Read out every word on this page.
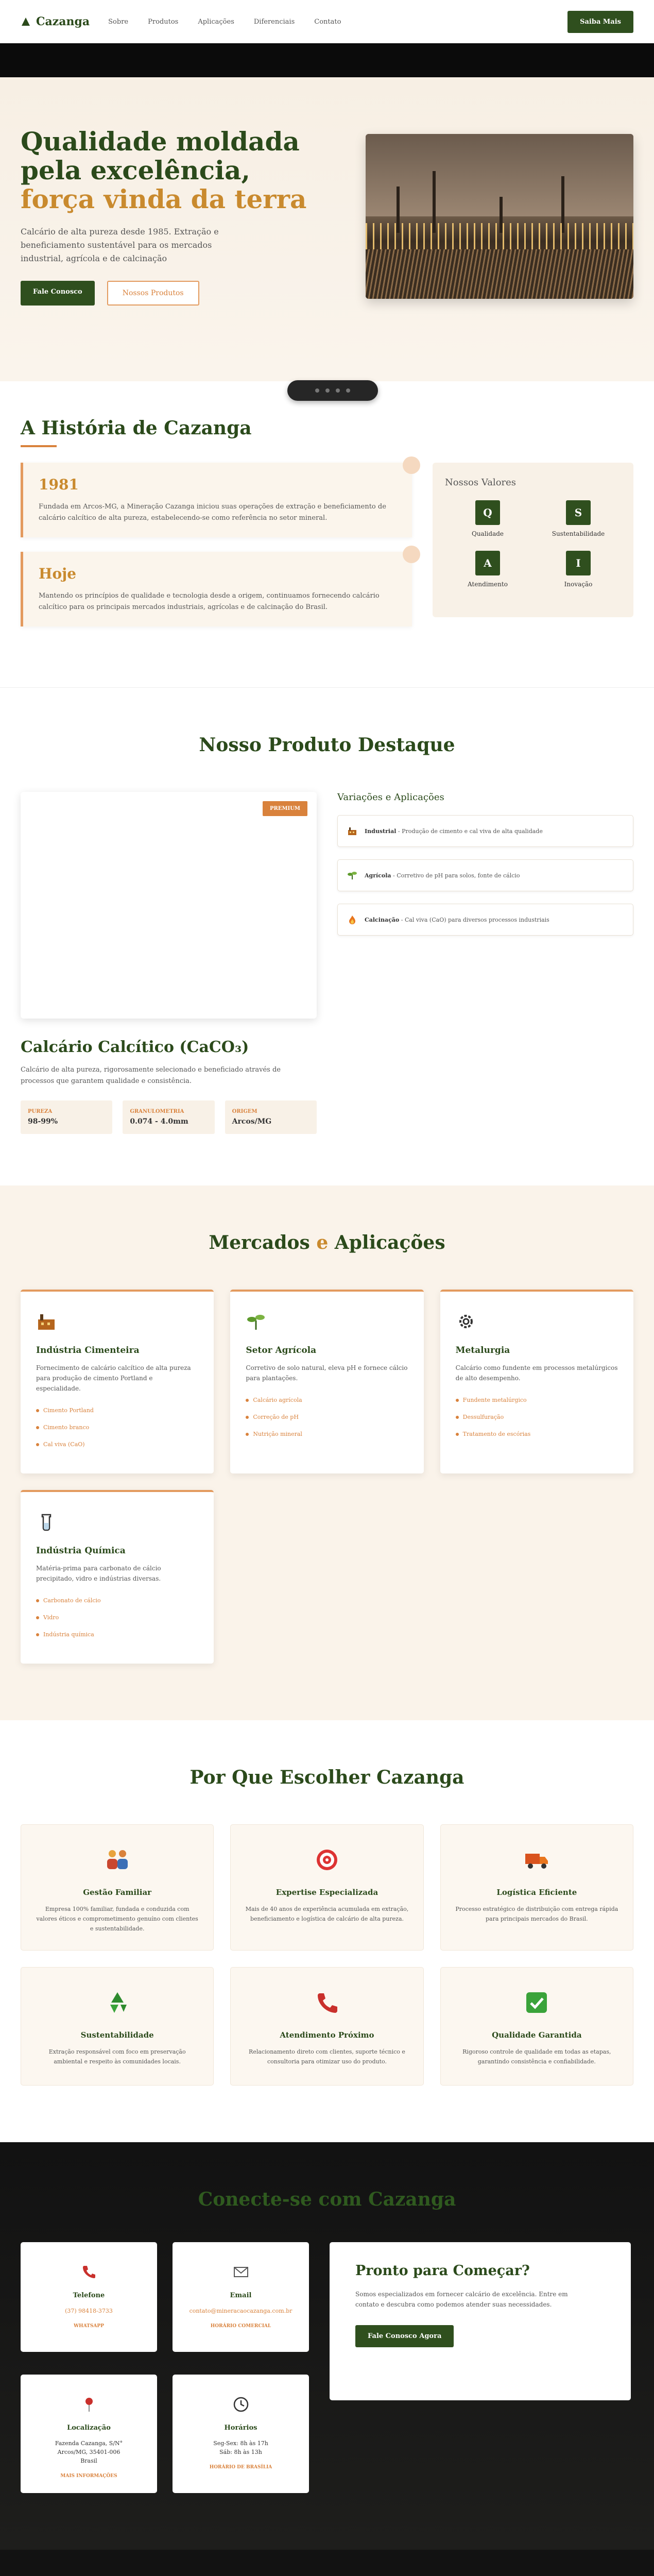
Cazanga	Sobre	Produtos	Aplicações	Diferenciais	Contato	Saiba Mais
Qualidade moldada
pela excelência,
força vinda da terra

Calcário de alta pureza desde 1985. Extração e beneficiamento sustentável para os mercados industrial, agrícola e de calcinação

Fale Conosco	Nossos Produtos
A História de Cazanga
1981

Fundada em Arcos-MG, a Mineração Cazanga iniciou suas operações de extração e beneficiamento de calcário calcítico de alta pureza, estabelecendo-se como referência no setor mineral.

Hoje

Mantendo os princípios de qualidade e tecnologia desde a origem, continuamos fornecendo calcário calcítico para os principais mercados industriais, agrícolas e de calcinação do Brasil.

Nossos Valores
Q
Qualidade
S
Sustentabilidade
A
Atendimento
I
Inovação
Nosso Produto Destaque
PREMIUM
Calcário Calcítico (CaCO₃)

Calcário de alta pureza, rigorosamente selecionado e beneficiado através de processos que garantem qualidade e consistência.

PUREZA
98-99%
GRANULOMETRIA
0.074 - 4.0mm
ORIGEM
Arcos/MG
Variações e Aplicações
Industrial - Produção de cimento e cal viva de alta qualidade
Agrícola - Corretivo de pH para solos, fonte de cálcio
Calcinação - Cal viva (CaO) para diversos processos industriais
Mercados e Aplicações
Indústria Cimenteira

Fornecimento de calcário calcítico de alta pureza para produção de cimento Portland e especialidade.

Cimento Portland
Cimento branco
Cal viva (CaO)
Setor Agrícola

Corretivo de solo natural, eleva pH e fornece cálcio para plantações.

Calcário agrícola
Correção de pH
Nutrição mineral
Metalurgia

Calcário como fundente em processos metalúrgicos de alto desempenho.

Fundente metalúrgico
Dessulfuração
Tratamento de escórias
Indústria Química

Matéria-prima para carbonato de cálcio precipitado, vidro e indústrias diversas.

Carbonato de cálcio
Vidro
Indústria química
Por Que Escolher Cazanga
Gestão Familiar

Empresa 100% familiar, fundada e conduzida com valores éticos e comprometimento genuíno com clientes e sustentabilidade.

Expertise Especializada

Mais de 40 anos de experiência acumulada em extração, beneficiamento e logística de calcário de alta pureza.

Logística Eficiente

Processo estratégico de distribuição com entrega rápida para principais mercados do Brasil.

Sustentabilidade

Extração responsável com foco em preservação ambiental e respeito às comunidades locais.

Atendimento Próximo

Relacionamento direto com clientes, suporte técnico e consultoria para otimizar uso do produto.

Qualidade Garantida

Rigoroso controle de qualidade em todas as etapas, garantindo consistência e confiabilidade.

Conecte-se com Cazanga
Telefone
(37) 98418-3733
WHATSAPP
Email
contato@mineracaocazanga.com.br
HORÁRIO COMERCIAL
Localização
Fazenda Cazanga, S/N°
Arcos/MG, 35401-006
Brasil
MAIS INFORMAÇÕES
Horários
Seg-Sex: 8h às 17h
Sáb: 8h às 13h
HORÁRIO DE BRASÍLIA
Pronto para Começar?

Somos especializados em fornecer calcário de excelência. Entre em contato e descubra como podemos atender suas necessidades.

Fale Conosco Agora
